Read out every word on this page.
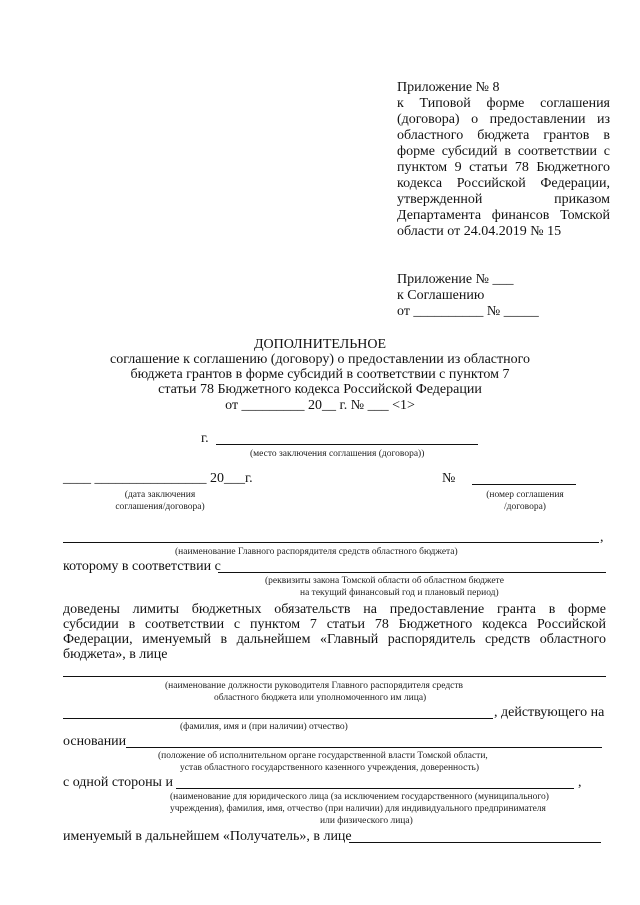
Приложение № 8
к Типовой форме соглашения
(договора) о предоставлении из
областного бюджета грантов в
форме субсидий в соответствии с
пунктом 9 статьи 78 Бюджетного
кодекса Российской Федерации,
утвержденной приказом
Департамента финансов Томской
области от 24.04.2019 № 15
Приложение № ___
к Соглашению
от __________ № _____
ДОПОЛНИТЕЛЬНОЕ
соглашение к соглашению (договору) о предоставлении из областного
бюджета грантов в форме субсидий в соответствии с пунктом 7
статьи 78 Бюджетного кодекса Российской Федерации
от _________ 20__ г. № ___ <1>
г.
(место заключения соглашения (договора))
____ ________________ 20___г.	№
(дата заключения
соглашения/договора)
(номер соглашения
/договора)
,
(наименование Главного распорядителя средств областного бюджета)
которому в соответствии с
(реквизиты закона Томской области об областном бюджете
на текущий финансовый год и плановый период)
доведены лимиты бюджетных обязательств на предоставление гранта в форме
субсидии в соответствии с пунктом 7 статьи 78 Бюджетного кодекса Российской
Федерации, именуемый в дальнейшем «Главный распорядитель средств областного
бюджета», в лице
(наименование должности руководителя Главного распорядителя средств
областного бюджета или уполномоченного им лица)
, действующего на
(фамилия, имя и (при наличии) отчество)
основании
(положение об исполнительном органе государственной власти Томской области,
устав областного государственного казенного учреждения, доверенность)
с одной стороны и	,
(наименование для юридического лица (за исключением государственного (муниципального)
учреждения), фамилия, имя, отчество (при наличии) для индивидуального предпринимателя
или физического лица)
именуемый в дальнейшем «Получатель», в лице
